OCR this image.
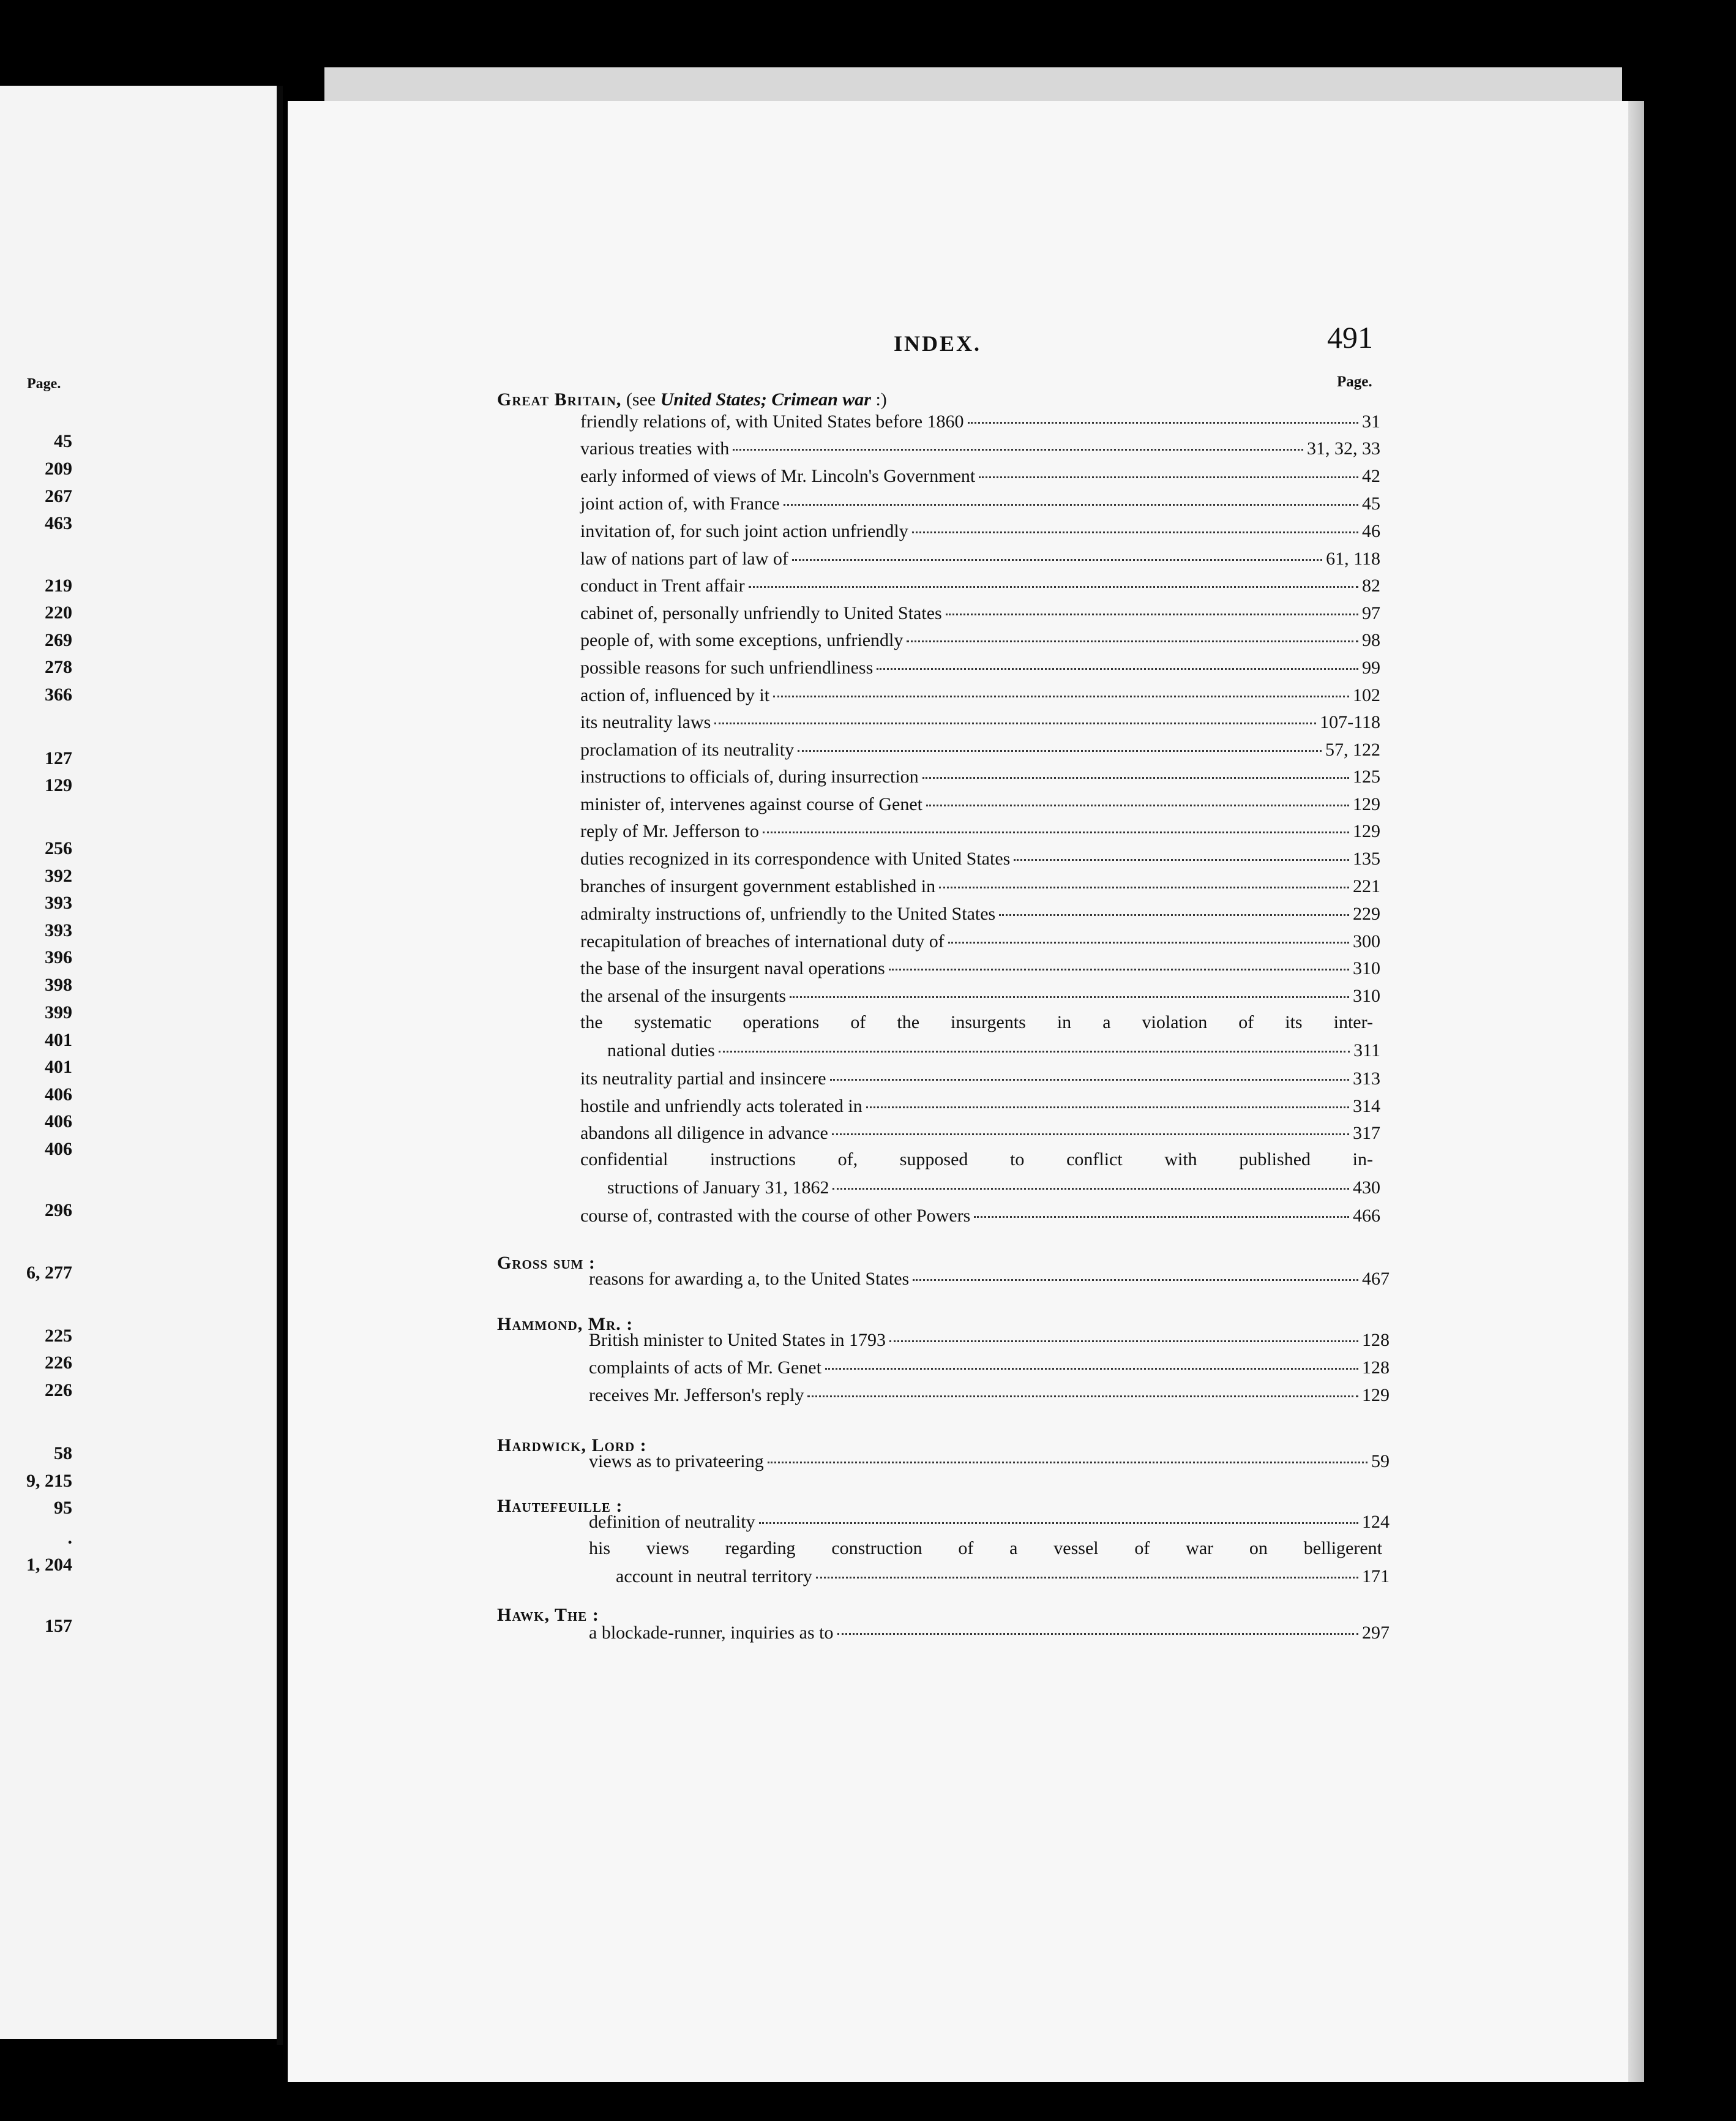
Page.
45
209
267
463
219
220
269
278
366
127
129
256
392
393
393
396
398
399
401
401
406
406
406
296
6, 277
225
226
226
58
9, 215
95
.
1, 204
157
INDEX.	491
Page.
Great Britain, (see United States; Crimean war :)
friendly relations of, with United States before 1860	31
various treaties with	31, 32, 33
early informed of views of Mr. Lincoln's Government	42
joint action of, with France	45
invitation of, for such joint action unfriendly	46
law of nations part of law of	61, 118
conduct in Trent affair	82
cabinet of, personally unfriendly to United States	97
people of, with some exceptions, unfriendly	98
possible reasons for such unfriendliness	99
action of, influenced by it	102
its neutrality laws	107-118
proclamation of its neutrality	57, 122
instructions to officials of, during insurrection	125
minister of, intervenes against course of Genet	129
reply of Mr. Jefferson to	129
duties recognized in its correspondence with United States	135
branches of insurgent government established in	221
admiralty instructions of, unfriendly to the United States	229
recapitulation of breaches of international duty of	300
the base of the insurgent naval operations	310
the arsenal of the insurgents	310
the systematic operations of the insurgents in a violation of its inter-
national duties	311
its neutrality partial and insincere	313
hostile and unfriendly acts tolerated in	314
abandons all diligence in advance	317
confidential instructions of, supposed to conflict with published in-
structions of January 31, 1862	430
course of, contrasted with the course of other Powers	466
Gross sum :
reasons for awarding a, to the United States	467
Hammond, Mr. :
British minister to United States in 1793	128
complaints of acts of Mr. Genet	128
receives Mr. Jefferson's reply	129
Hardwick, Lord :
views as to privateering	59
Hautefeuille :
definition of neutrality	124
his views regarding construction of a vessel of war on belligerent
account in neutral territory	171
Hawk, The :
a blockade-runner, inquiries as to	297
